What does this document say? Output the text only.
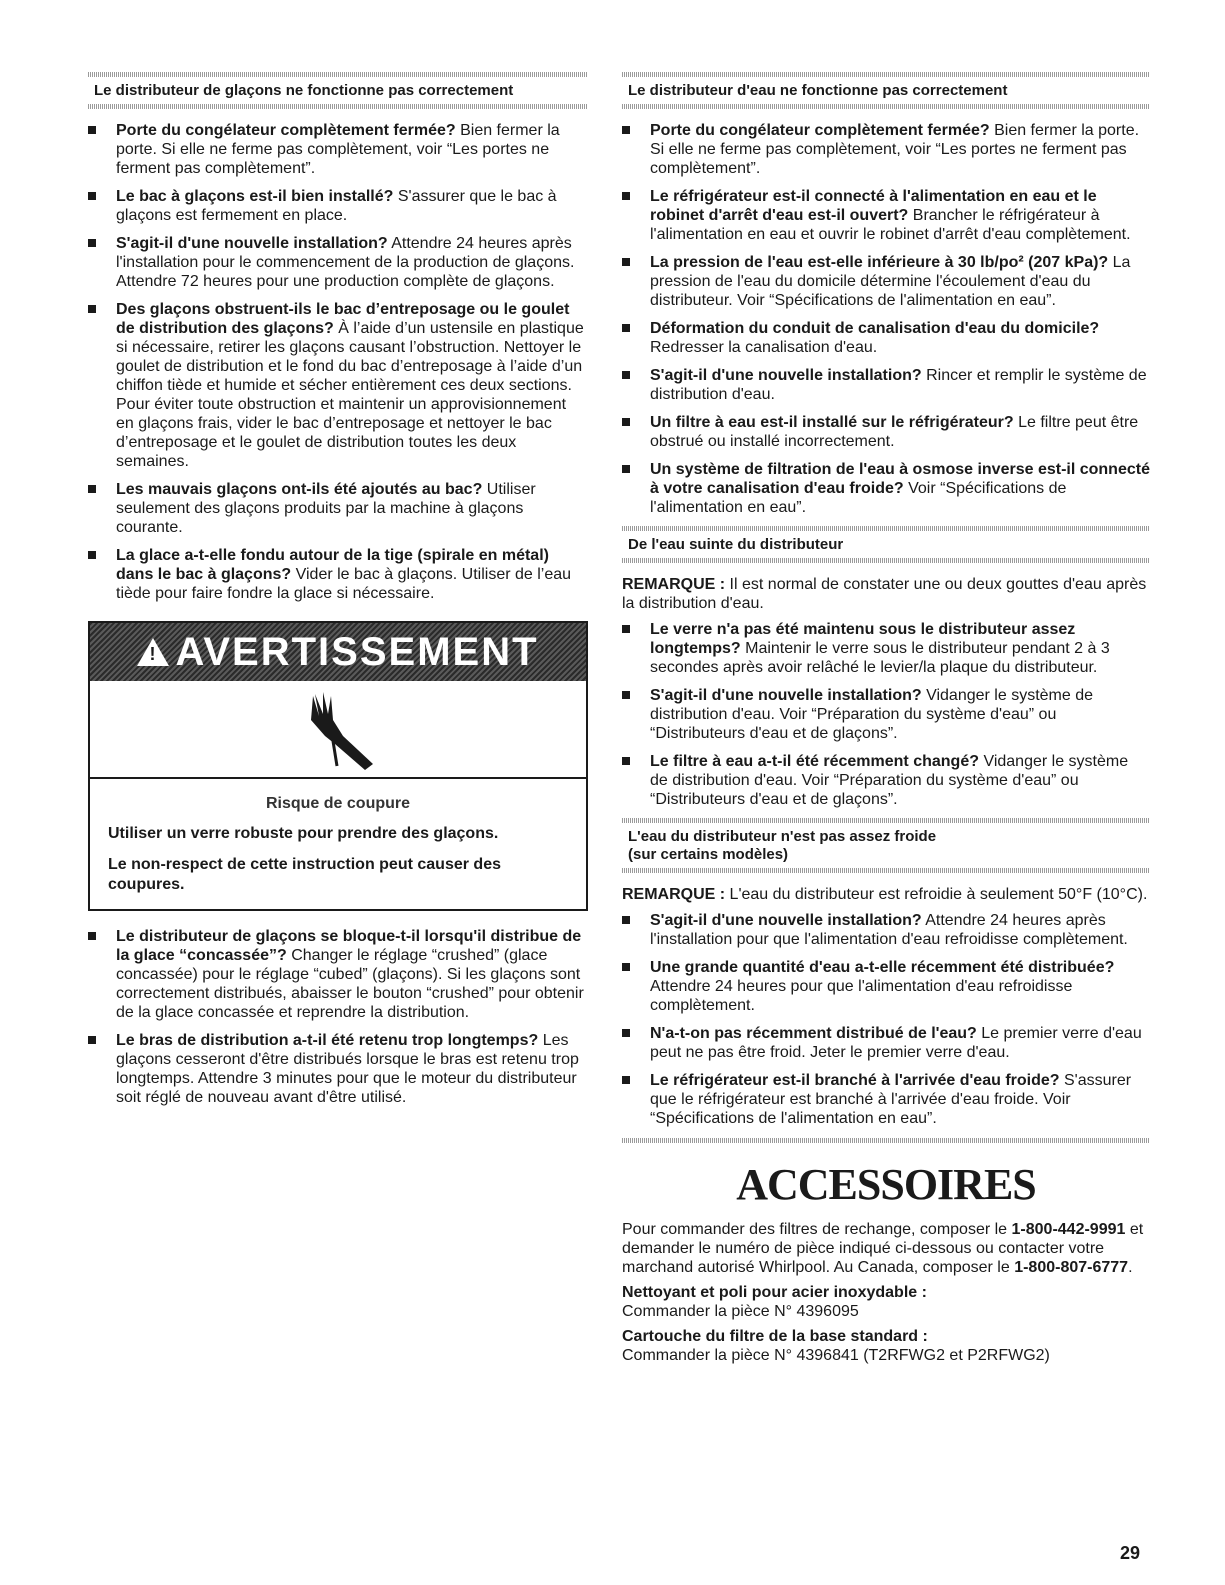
Le distributeur de glaçons ne fonctionne pas correctement
Porte du congélateur complètement fermée? Bien fermer la porte. Si elle ne ferme pas complètement, voir “Les portes ne ferment pas complètement”.
Le bac à glaçons est-il bien installé? S'assurer que le bac à glaçons est fermement en place.
S'agit-il d'une nouvelle installation? Attendre 24 heures après l'installation pour le commencement de la production de glaçons. Attendre 72 heures pour une production complète de glaçons.
Des glaçons obstruent-ils le bac d’entreposage ou le goulet de distribution des glaçons? À l’aide d’un ustensile en plastique si nécessaire, retirer les glaçons causant l’obstruction. Nettoyer le goulet de distribution et le fond du bac d’entreposage à l’aide d’un chiffon tiède et humide et sécher entièrement ces deux sections. Pour éviter toute obstruction et maintenir un approvisionnement en glaçons frais, vider le bac d’entreposage et nettoyer le bac d’entreposage et le goulet de distribution toutes les deux semaines.
Les mauvais glaçons ont-ils été ajoutés au bac? Utiliser seulement des glaçons produits par la machine à glaçons courante.
La glace a-t-elle fondu autour de la tige (spirale en métal) dans le bac à glaçons? Vider le bac à glaçons. Utiliser de l’eau tiède pour faire fondre la glace si nécessaire.
!
AVERTISSEMENT
Risque de coupure
Utiliser un verre robuste pour prendre des glaçons.
Le non-respect de cette instruction peut causer des coupures.
Le distributeur de glaçons se bloque-t-il lorsqu'il distribue de la glace “concassée”? Changer le réglage “crushed” (glace concassée) pour le réglage “cubed” (glaçons). Si les glaçons sont correctement distribués, abaisser le bouton “crushed” pour obtenir de la glace concassée et reprendre la distribution.
Le bras de distribution a-t-il été retenu trop longtemps? Les glaçons cesseront d'être distribués lorsque le bras est retenu trop longtemps. Attendre 3 minutes pour que le moteur du distributeur soit réglé de nouveau avant d'être utilisé.
Le distributeur d'eau ne fonctionne pas correctement
Porte du congélateur complètement fermée? Bien fermer la porte. Si elle ne ferme pas complètement, voir “Les portes ne ferment pas complètement”.
Le réfrigérateur est-il connecté à l'alimentation en eau et le robinet d'arrêt d'eau est-il ouvert? Brancher le réfrigérateur à l'alimentation en eau et ouvrir le robinet d'arrêt d'eau complètement.
La pression de l'eau est-elle inférieure à 30 lb/po² (207 kPa)? La pression de l'eau du domicile détermine l'écoulement d'eau du distributeur. Voir “Spécifications de l'alimentation en eau”.
Déformation du conduit de canalisation d'eau du domicile? Redresser la canalisation d'eau.
S'agit-il d'une nouvelle installation? Rincer et remplir le système de distribution d'eau.
Un filtre à eau est-il installé sur le réfrigérateur? Le filtre peut être obstrué ou installé incorrectement.
Un système de filtration de l'eau à osmose inverse est-il connecté à votre canalisation d'eau froide? Voir “Spécifications de l'alimentation en eau”.
De l'eau suinte du distributeur

REMARQUE : Il est normal de constater une ou deux gouttes d'eau après la distribution d'eau.

Le verre n'a pas été maintenu sous le distributeur assez longtemps? Maintenir le verre sous le distributeur pendant 2 à 3 secondes après avoir relâché le levier/la plaque du distributeur.
S'agit-il d'une nouvelle installation? Vidanger le système de distribution d'eau. Voir “Préparation du système d'eau” ou “Distributeurs d'eau et de glaçons”.
Le filtre à eau a-t-il été récemment changé? Vidanger le système de distribution d'eau. Voir “Préparation du système d'eau” ou “Distributeurs d'eau et de glaçons”.
L'eau du distributeur n'est pas assez froide
(sur certains modèles)

REMARQUE : L'eau du distributeur est refroidie à seulement 50°F (10°C).

S'agit-il d'une nouvelle installation? Attendre 24 heures après l'installation pour que l'alimentation d'eau refroidisse complètement.
Une grande quantité d'eau a-t-elle récemment été distribuée? Attendre 24 heures pour que l'alimentation d'eau refroidisse complètement.
N'a-t-on pas récemment distribué de l'eau? Le premier verre d'eau peut ne pas être froid. Jeter le premier verre d'eau.
Le réfrigérateur est-il branché à l'arrivée d'eau froide? S'assurer que le réfrigérateur est branché à l'arrivée d'eau froide. Voir “Spécifications de l'alimentation en eau”.
ACCESSOIRES

Pour commander des filtres de rechange, composer le 1-800-442-9991 et demander le numéro de pièce indiqué ci-dessous ou contacter votre marchand autorisé Whirlpool. Au Canada, composer le 1-800-807-6777.

Nettoyant et poli pour acier inoxydable :
Commander la pièce N° 4396095
Cartouche du filtre de la base standard :
Commander la pièce N° 4396841 (T2RFWG2 et P2RFWG2)
29
